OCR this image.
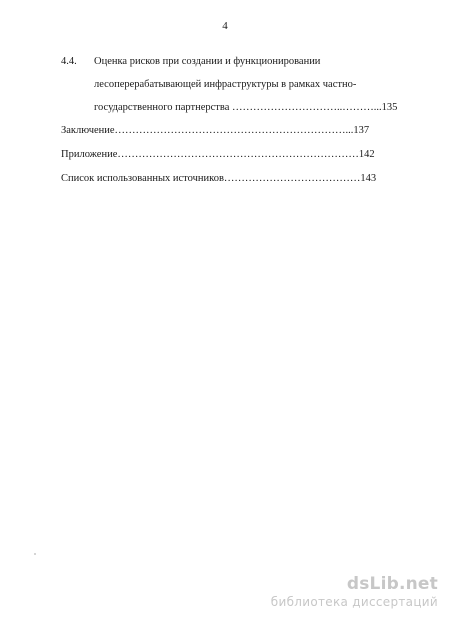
4
4.4. Оценка рисков при создании и функционировании
лесоперерабатывающей инфраструктуры в рамках частно-
государственного партнерства …………………………..………...135
Заключение…………………………………………………………...137
Приложение……………………………………………………………142
Список использованных источников…………………………………143
dsLib.net
библиотека диссертаций
